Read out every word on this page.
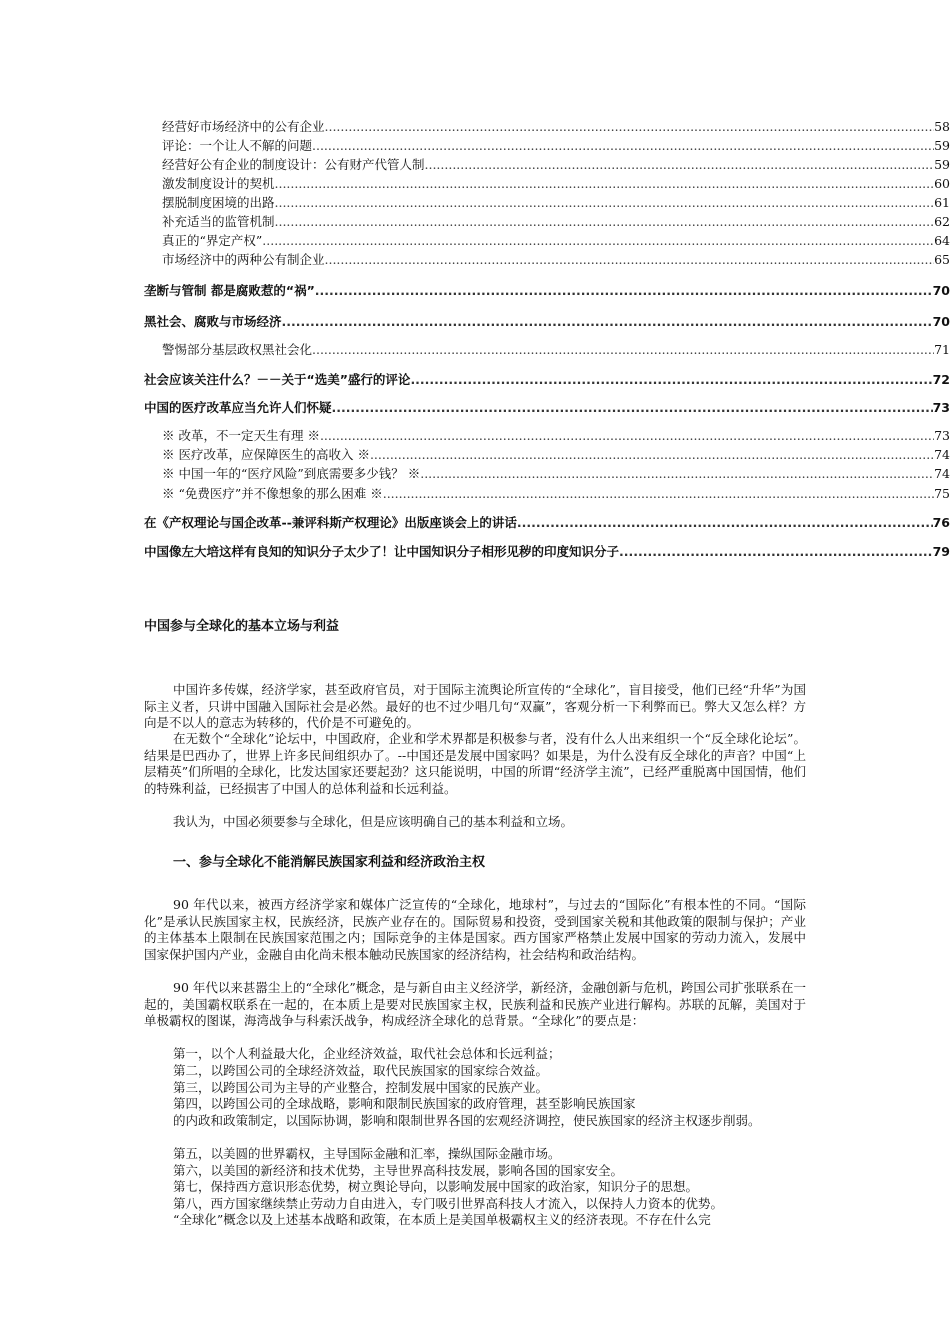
经营好市场经济中的公有企业 .....	58
评论：一个让人不解的问题 .....	59
经营好公有企业的制度设计：公有财产代管人制 .....	59
激发制度设计的契机 .....	60
摆脱制度困境的出路 .....	61
补充适当的监管机制 .....	62
真正的“界定产权” .....	64
市场经济中的两种公有制企业 .....	65
垄断与管制 都是腐败惹的“祸” .....	70
黑社会、腐败与市场经济 .....	70
警惕部分基层政权黑社会化 .....	71
社会应该关注什么？－－关于“选美”盛行的评论 .....	72
中国的医疗改革应当允许人们怀疑 .....	73
※ 改革，不一定天生有理 ※ .....	73
※ 医疗改革，应保障医生的高收入 ※ .....	74
※ 中国一年的“医疗风险”到底需要多少钱？ ※ .....	74
※ “免费医疗”并不像想象的那么困难 ※ .....	75
在《产权理论与国企改革--兼评科斯产权理论》出版座谈会上的讲话 .....	76
中国像左大培这样有良知的知识分子太少了！让中国知识分子相形见秽的印度知识分子 .....	79
中国参与全球化的基本立场与利益

中国许多传媒，经济学家，甚至政府官员，对于国际主流舆论所宣传的“全球化”，盲目接受，他们已经“升华”为国际主义者，只讲中国融入国际社会是必然。最好的也不过少唱几句“双赢”，客观分析一下利弊而已。弊大又怎么样？方向是不以人的意志为转移的，代价是不可避免的。

在无数个“全球化”论坛中，中国政府，企业和学术界都是积极参与者，没有什么人出来组织一个“反全球化论坛”。结果是巴西办了，世界上许多民间组织办了。--中国还是发展中国家吗？如果是，为什么没有反全球化的声音？中国“上层精英”们所唱的全球化，比发达国家还要起劲？这只能说明，中国的所谓“经济学主流”，已经严重脱离中国国情，他们的特殊利益，已经损害了中国人的总体利益和长远利益。

我认为，中国必须要参与全球化，但是应该明确自己的基本利益和立场。

一、参与全球化不能消解民族国家利益和经济政治主权

90 年代以来，被西方经济学家和媒体广泛宣传的“全球化，地球村”，与过去的“国际化”有根本性的不同。“国际化”是承认民族国家主权，民族经济，民族产业存在的。国际贸易和投资，受到国家关税和其他政策的限制与保护；产业的主体基本上限制在民族国家范围之内；国际竞争的主体是国家。西方国家严格禁止发展中国家的劳动力流入，发展中国家保护国内产业，金融自由化尚未根本触动民族国家的经济结构，社会结构和政治结构。

90 年代以来甚嚣尘上的“全球化”概念，是与新自由主义经济学，新经济，金融创新与危机，跨国公司扩张联系在一起的，美国霸权联系在一起的，在本质上是要对民族国家主权，民族利益和民族产业进行解构。苏联的瓦解，美国对于单极霸权的图谋，海湾战争与科索沃战争，构成经济全球化的总背景。“全球化”的要点是：

第一，以个人利益最大化，企业经济效益，取代社会总体和长远利益；

第二，以跨国公司的全球经济效益，取代民族国家的国家综合效益。

第三，以跨国公司为主导的产业整合，控制发展中国家的民族产业。

第四，以跨国公司的全球战略，影响和限制民族国家的政府管理，甚至影响民族国家

的内政和政策制定，以国际协调，影响和限制世界各国的宏观经济调控，使民族国家的经济主权逐步削弱。

第五，以美圆的世界霸权，主导国际金融和汇率，操纵国际金融市场。

第六，以美国的新经济和技术优势，主导世界高科技发展，影响各国的国家安全。

第七，保持西方意识形态优势，树立舆论导向，以影响发展中国家的政治家，知识分子的思想。

第八，西方国家继续禁止劳动力自由进入，专门吸引世界高科技人才流入，以保持人力资本的优势。

“全球化”概念以及上述基本战略和政策，在本质上是美国单极霸权主义的经济表现。不存在什么完
